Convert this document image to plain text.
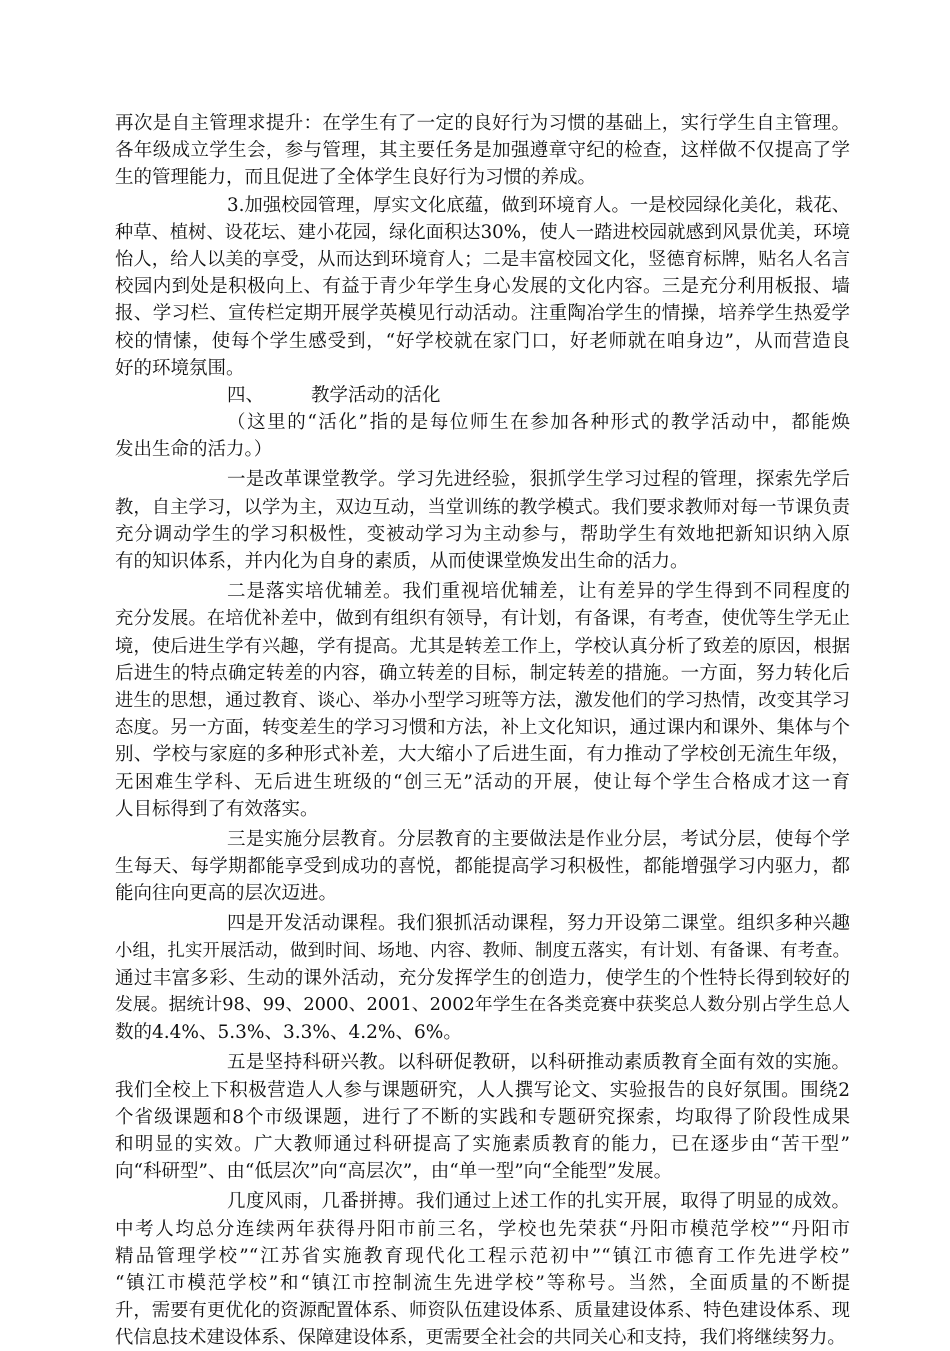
再次是自主管理求提升：在学生有了一定的良好行为习惯的基础上，实行学生自主管理。
各年级成立学生会，参与管理，其主要任务是加强遵章守纪的检查，这样做不仅提高了学
生的管理能力，而且促进了全体学生良好行为习惯的养成。
3.加强校园管理，厚实文化底蕴，做到环境育人。一是校园绿化美化，栽花、
种草、植树、设花坛、建小花园，绿化面积达30%，使人一踏进校园就感到风景优美，环境
怡人，给人以美的享受，从而达到环境育人；二是丰富校园文化，竖德育标牌，贴名人名言
校园内到处是积极向上、有益于青少年学生身心发展的文化内容。三是充分利用板报、墙
报、学习栏、宣传栏定期开展学英模见行动活动。注重陶冶学生的情操，培养学生热爱学
校的情愫，使每个学生感受到，“好学校就在家门口，好老师就在咱身边”，从而营造良
好的环境氛围。
四、        教学活动的活化
（这里的“活化”指的是每位师生在参加各种形式的教学活动中，都能焕
发出生命的活力。）
一是改革课堂教学。学习先进经验，狠抓学生学习过程的管理，探索先学后
教，自主学习，以学为主，双边互动，当堂训练的教学模式。我们要求教师对每一节课负责
充分调动学生的学习积极性，变被动学习为主动参与，帮助学生有效地把新知识纳入原
有的知识体系，并内化为自身的素质，从而使课堂焕发出生命的活力。
二是落实培优辅差。我们重视培优辅差，让有差异的学生得到不同程度的
充分发展。在培优补差中，做到有组织有领导，有计划，有备课，有考查，使优等生学无止
境，使后进生学有兴趣，学有提高。尤其是转差工作上，学校认真分析了致差的原因，根据
后进生的特点确定转差的内容，确立转差的目标，制定转差的措施。一方面，努力转化后
进生的思想，通过教育、谈心、举办小型学习班等方法，激发他们的学习热情，改变其学习
态度。另一方面，转变差生的学习习惯和方法，补上文化知识，通过课内和课外、集体与个
别、学校与家庭的多种形式补差，大大缩小了后进生面，有力推动了学校创无流生年级，
无困难生学科、无后进生班级的“创三无”活动的开展，使让每个学生合格成才这一育
人目标得到了有效落实。
三是实施分层教育。分层教育的主要做法是作业分层，考试分层，使每个学
生每天、每学期都能享受到成功的喜悦，都能提高学习积极性，都能增强学习内驱力，都
能向往向更高的层次迈进。
四是开发活动课程。我们狠抓活动课程，努力开设第二课堂。组织多种兴趣
小组，扎实开展活动，做到时间、场地、内容、教师、制度五落实，有计划、有备课、有考查。
通过丰富多彩、生动的课外活动，充分发挥学生的创造力，使学生的个性特长得到较好的
发展。据统计98、99、2000、2001、2002年学生在各类竞赛中获奖总人数分别占学生总人
数的4.4%、5.3%、3.3%、4.2%、6%。
五是坚持科研兴教。以科研促教研，以科研推动素质教育全面有效的实施。
我们全校上下积极营造人人参与课题研究，人人撰写论文、实验报告的良好氛围。围绕2
个省级课题和8个市级课题，进行了不断的实践和专题研究探索，均取得了阶段性成果
和明显的实效。广大教师通过科研提高了实施素质教育的能力，已在逐步由“苦干型”
向“科研型”、由“低层次”向“高层次”，由“单一型”向“全能型”发展。
几度风雨，几番拼搏。我们通过上述工作的扎实开展，取得了明显的成效。
中考人均总分连续两年获得丹阳市前三名，学校也先荣获“丹阳市模范学校”“丹阳市
精品管理学校”“江苏省实施教育现代化工程示范初中”“镇江市德育工作先进学校”
“镇江市模范学校”和“镇江市控制流生先进学校”等称号。当然，全面质量的不断提
升，需要有更优化的资源配置体系、师资队伍建设体系、质量建设体系、特色建设体系、现
代信息技术建设体系、保障建设体系，更需要全社会的共同关心和支持，我们将继续努力。
